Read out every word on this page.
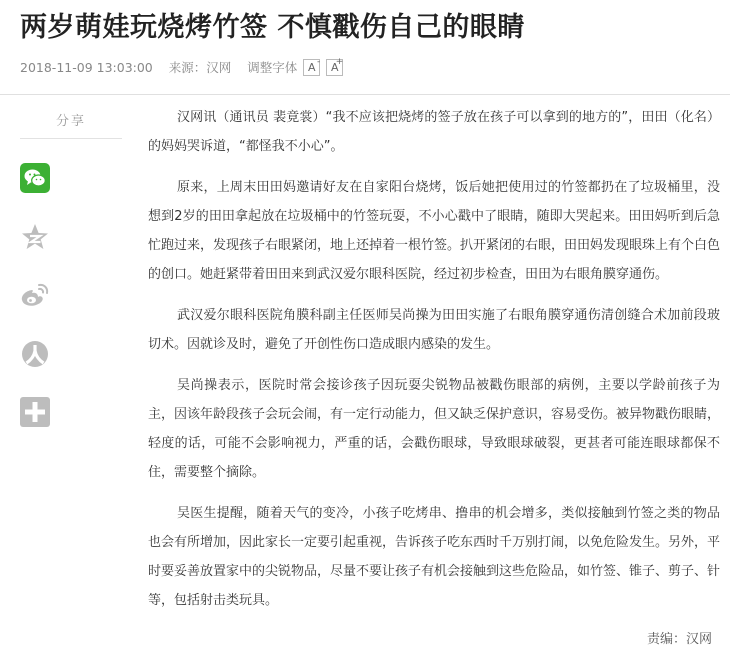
两岁萌娃玩烧烤竹签 不慎戳伤自己的眼睛
2018-11-09 13:03:00 来源：汉网 调整字体 A - A
+
分享	汉网讯（通讯员 裴竟裳）“我不应该把烧烤的签子放在孩子可以拿到的地方的”，田田（化名）的妈妈哭诉道，“都怪我不小心”。

原来，上周末田田妈邀请好友在自家阳台烧烤，饭后她把使用过的竹签都扔在了垃圾桶里，没想到2岁的田田拿起放在垃圾桶中的竹签玩耍，不小心戳中了眼睛，随即大哭起来。田田妈听到后急忙跑过来，发现孩子右眼紧闭，地上还掉着一根竹签。扒开紧闭的右眼，田田妈发现眼珠上有个白色的创口。她赶紧带着田田来到武汉爱尔眼科医院，经过初步检查，田田为右眼角膜穿通伤。

武汉爱尔眼科医院角膜科副主任医师吴尚操为田田实施了右眼角膜穿通伤清创缝合术加前段玻切术。因就诊及时，避免了开创性伤口造成眼内感染的发生。

吴尚操表示，医院时常会接诊孩子因玩耍尖锐物品被戳伤眼部的病例，主要以学龄前孩子为主，因该年龄段孩子会玩会闹，有一定行动能力，但又缺乏保护意识，容易受伤。被异物戳伤眼睛，轻度的话，可能不会影响视力，严重的话，会戳伤眼球，导致眼球破裂，更甚者可能连眼球都保不住，需要整个摘除。

吴医生提醒，随着天气的变冷，小孩子吃烤串、撸串的机会增多，类似接触到竹签之类的物品也会有所增加，因此家长一定要引起重视，告诉孩子吃东西时千万别打闹，以免危险发生。另外，平时要妥善放置家中的尖锐物品，尽量不要让孩子有机会接触到这些危险品，如竹签、锥子、剪子、针等，包括射击类玩具。

责编：汉网
